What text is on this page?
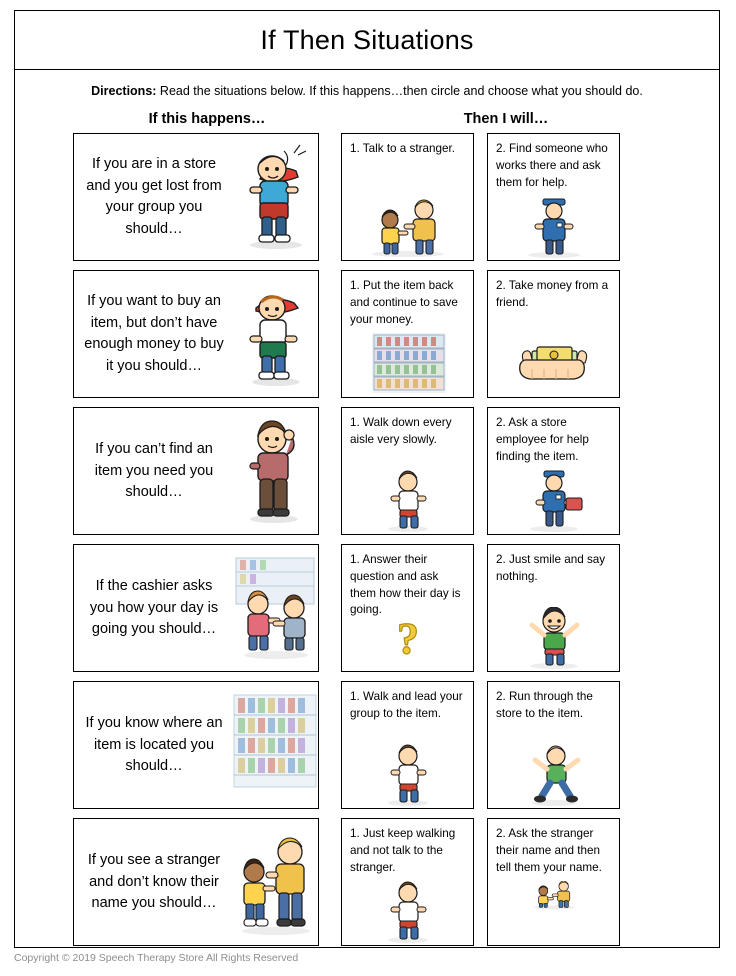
If Then Situations
Directions: Read the situations below. If this happens…then circle and choose what you should do.
If this happens…	Then I will…
If you are in a store and you get lost from your group you should…
1. Talk to a stranger.	2. Find someone who works there and ask them for help.
If you want to buy an item, but don’t have enough money to buy it you should…
1. Put the item back and continue to save your money.
2. Take money from a friend.
If you can’t find an item you need you should…
1. Walk down every aisle very slowly.
2. Ask a store employee for help finding the item.
If the cashier asks you how your day is going you should…
1. Answer their question and ask them how their day is going.
?
2. Just smile and say nothing.
If you know where an item is located you should…
1. Walk and lead your group to the item.
2. Run through the store to the item.
If you see a stranger and don’t know their name you should…
1. Just keep walking and not talk to the stranger.
2. Ask the stranger their name and then tell them your name.
Copyright © 2019 Speech Therapy Store All Rights Reserved
